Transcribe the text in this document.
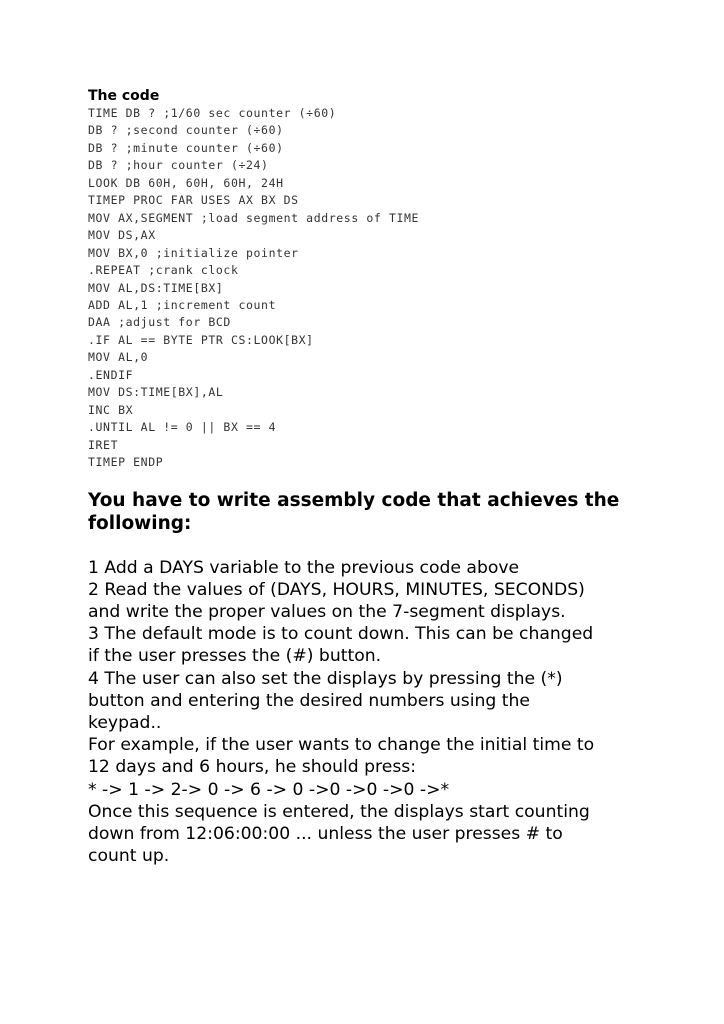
The code
TIME DB ? ;1/60 sec counter (÷60)
DB ? ;second counter (÷60)
DB ? ;minute counter (÷60)
DB ? ;hour counter (÷24)
LOOK DB 60H, 60H, 60H, 24H
TIMEP PROC FAR USES AX BX DS
MOV AX,SEGMENT ;load segment address of TIME
MOV DS,AX
MOV BX,0 ;initialize pointer
.REPEAT ;crank clock
MOV AL,DS:TIME[BX]
ADD AL,1 ;increment count
DAA ;adjust for BCD
.IF AL == BYTE PTR CS:LOOK[BX]
MOV AL,0
.ENDIF
MOV DS:TIME[BX],AL
INC BX
.UNTIL AL != 0 || BX == 4
IRET
TIMEP ENDP
You have to write assembly code that achieves the
following:
1 Add a DAYS variable to the previous code above
2 Read the values of (DAYS, HOURS, MINUTES, SECONDS)
and write the proper values on the 7-segment displays.
3 The default mode is to count down. This can be changed
if the user presses the (#) button.
4 The user can also set the displays by pressing the (*)
button and entering the desired numbers using the
keypad..
For example, if the user wants to change the initial time to
12 days and 6 hours, he should press:
* -> 1 -> 2-> 0 -> 6 -> 0 ->0 ->0 ->0 ->*
Once this sequence is entered, the displays start counting
down from 12:06:00:00 ... unless the user presses # to
count up.
